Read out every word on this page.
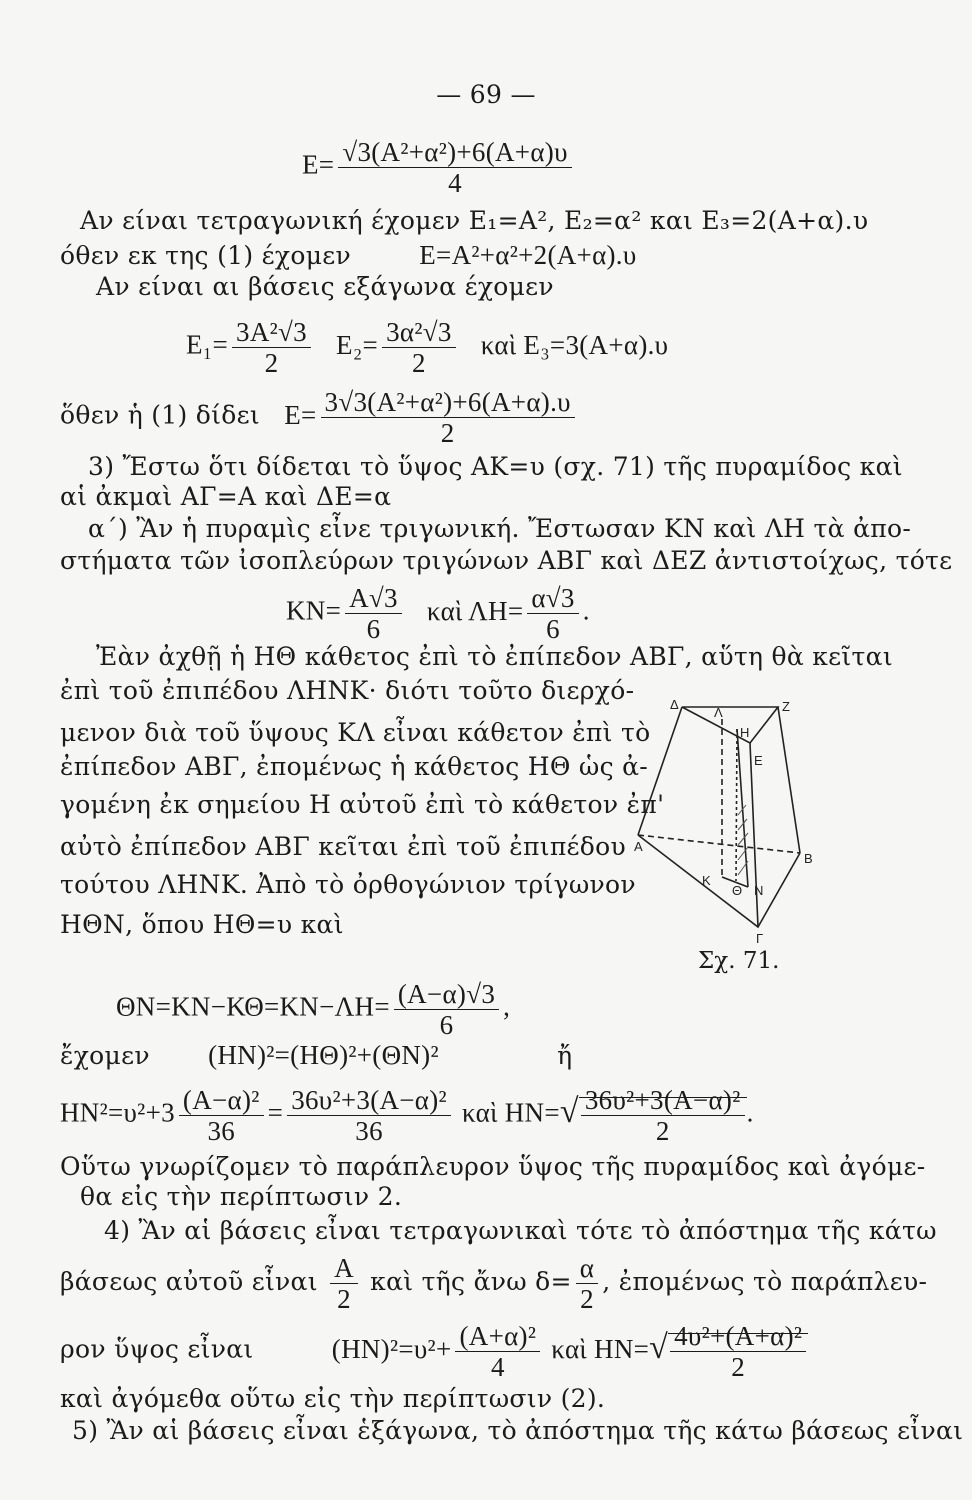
— 69 —
$E= \frac{\text{√3(A²+α²)+6(A+α)υ}}{4}$
Αν είναι τετραγωνική έχομεν E₁=A², E₂=α² και E₃=2(A+α).υ
όθεν εκ της (1) έχομεν	E=A²+α²+2(A+α).υ
Αν είναι αι βάσεις εξάγωνα έχομεν
$E_1= \frac{\text{3A²√3}}{2} E_2= \frac{\text{3α²√3}}{2}$ καὶ E₃=3(A+α).υ
ὅθεν ἡ (1) δίδει $E= \frac{\text{3√3(A²+α²)+6(A+α).υ}}{2}$
3) Ἔστω ὅτι δίδεται τὸ ὕψος ΑΚ=υ (σχ. 71) τῆς πυραμίδος καὶ
αἱ ἀκμαὶ ΑΓ=Α καὶ ΔΕ=α
α΄) Ἂν ἡ πυραμὶς εἶνε τριγωνική. Ἔστωσαν ΚΝ καὶ ΛΗ τὰ ἀπο-
στήματα τῶν ἰσοπλεύρων τριγώνων ΑΒΓ καὶ ΔΕΖ ἀντιστοίχως, τότε
$KN= \frac{A√3}{6}$ καὶ $\Lambda H= \frac{\alpha√3}{6}$ .
Ἐὰν ἀχθῇ ἡ ΗΘ κάθετος ἐπὶ τὸ ἐπίπεδον ΑΒΓ, αὕτη θὰ κεῖται
ἐπὶ τοῦ ἐπιπέδου ΛΗΝΚ· διότι τοῦτο διερχό-
μενον διὰ τοῦ ὕψους ΚΛ εἶναι κάθετον ἐπὶ τὸ
ἐπίπεδον ΑΒΓ, ἐπομένως ἡ κάθετος ΗΘ ὡς ἀ-
γομένη ἐκ σημείου Η αὐτοῦ ἐπὶ τὸ κάθετον ἐπ'
αὐτὸ ἐπίπεδον ΑΒΓ κεῖται ἐπὶ τοῦ ἐπιπέδου
τούτου ΛΗΝΚ. Ἀπὸ τὸ ὀρθογώνιον τρίγωνον
ΗΘΝ, ὅπου ΗΘ=υ καὶ
$\Theta N=KN-K\Theta=KN-\Lambda H= \frac{(A-\alpha)√3}{6}$ ,
ἔχομεν (ΗΝ)²=(ΗΘ)²+(ΘΝ)²	ἤ
$HN^2=\upsilon^2+3 \frac{\text{(A−α)²}}{36} = \frac{\text{36υ²+3(A−α)²}}{36}$ καὶ $HN=√ \frac{\text{36υ²+3(A−α)²}}{2}$ .
Οὕτω γνωρίζομεν τὸ παράπλευρον ὕψος τῆς πυραμίδος καὶ ἀγόμε-
θα εἰς τὴν περίπτωσιν 2.
4) Ἂν αἱ βάσεις εἶναι τετραγωνικαὶ τότε τὸ ἀπόστημα τῆς κάτω
βάσεως αὐτοῦ εἶναι $\frac{A}{2}$ καὶ τῆς ἄνω $\delta= \frac{\alpha}{2}$ , ἐπομένως τὸ παράπλευ-
ρον ὕψος εἶναι	$(HN)^2=\upsilon^2+ \frac{\text{(A+α)²}}{4}$ καὶ $HN=√ \frac{\text{4υ²+(A+α)²}}{2}$
καὶ ἀγόμεθα οὕτω εἰς τὴν περίπτωσιν (2).
5) Ἂν αἱ βάσεις εἶναι ἑξάγωνα, τὸ ἀπόστημα τῆς κάτω βάσεως εἶναι
Δ
Λ	Ζ
Η
Ε
Α
Β
Κ
Θ Ν
Γ
Σχ. 71.
